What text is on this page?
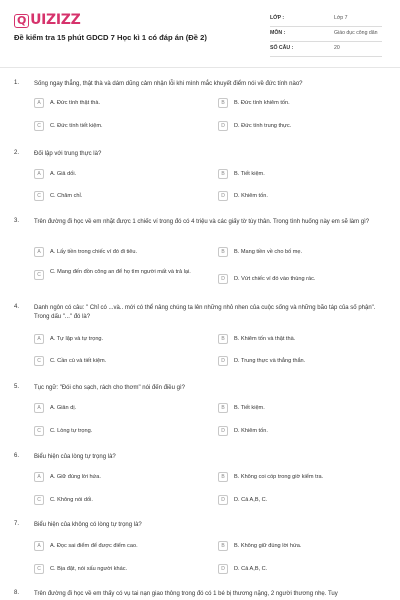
Q UIZIZZ
Đề kiểm tra 15 phút GDCD 7 Học kì 1 có đáp án (Đề 2)
LỚP :	Lớp 7
MÔN :	Giáo dục công dân
SỐ CÂU :	20
1. Sống ngay thẳng, thật thà và dám dũng cảm nhận lỗi khi mình mắc khuyết điểm nói về đức tính nào?
A	A. Đức tính thật thà.	B	B. Đức tính khiêm tốn.
C	C. Đức tính tiết kiệm.	D	D. Đức tính trung thực.
2. Đối lập với trung thực là?
A	A. Giả dối.	B	B. Tiết kiệm.
C	C. Chăm chỉ.	D	D. Khiêm tốn.
3. Trên đường đi học về em nhặt được 1 chiếc ví trong đó có 4 triệu và các giấy tờ tùy thân. Trong tình huống này em sẽ làm gì?
A	A. Lấy tiền trong chiếc ví đó đi tiêu.	B	B. Mang tiền về cho bố mẹ.
C	C. Mang đến đồn công an để họ tìm người mất và trả lại.
D	D. Vứt chiếc ví đó vào thùng rác.
4. Danh ngôn có câu: " Chỉ có ...và.. mới có thể nâng chúng ta lên những nhỏ nhen của cuộc sống và những bão táp của số phận". Trong dấu "..." đó là?
A	A. Tự lập và tự trọng.	B	B. Khiêm tốn và thật thà.
C	C. Cần cù và tiết kiệm.	D	D. Trung thực và thẳng thắn.
5. Tục ngữ: "Đói cho sạch, rách cho thơm" nói đến điều gì?
A	A. Giản dị.	B	B. Tiết kiệm.
C	C. Lòng tự trọng.	D	D. Khiêm tốn.
6. Biểu hiện của lòng tự trọng là?
A	A. Giữ đúng lời hứa.	B	B. Không coi cóp trong giờ kiểm tra.
C	C. Không nói dối.	D	D. Cả A,B, C.
7. Biểu hiện của không có lòng tự trọng là?
A	A. Đọc sai điểm để được điểm cao.	B	B. Không giữ đúng lời hứa.
C	C. Bịa đặt, nói xấu người khác.	D	D. Cả A,B, C.
8. Trên đường đi học về em thấy có vụ tai nạn giao thông trong đó có 1 bé bị thương nặng, 2 người thương nhẹ. Tuy
